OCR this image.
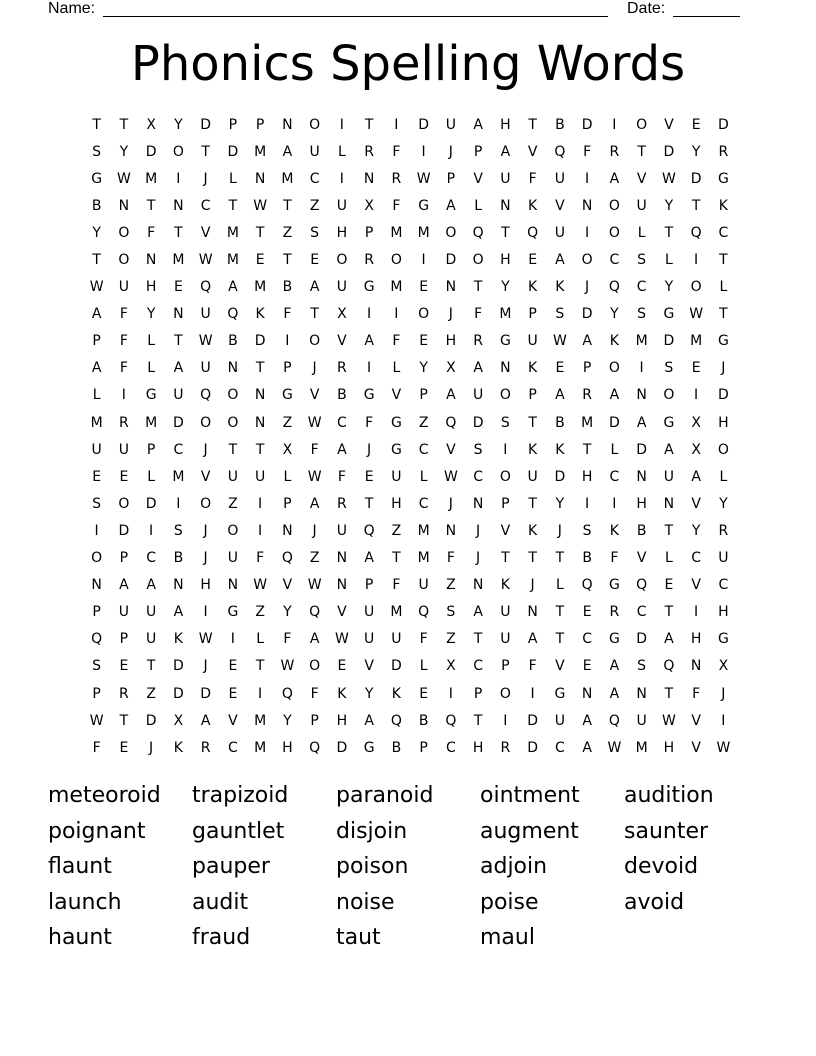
Name:	Date:
Phonics Spelling Words
T	T	X	Y	D	P	P	N	O	I	T	I	D	U	A	H	T	B	D	I	O	V	E	D
S	Y	D	O	T	D	M	A	U	L	R	F	I	J	P	A	V	Q	F	R	T	D	Y	R
G	W	M	I	J	L	N	M	C	I	N	R	W	P	V	U	F	U	I	A	V	W	D	G
B	N	T	N	C	T	W	T	Z	U	X	F	G	A	L	N	K	V	N	O	U	Y	T	K
Y	O	F	T	V	M	T	Z	S	H	P	M	M	O	Q	T	Q	U	I	O	L	T	Q	C
T	O	N	M	W	M	E	T	E	O	R	O	I	D	O	H	E	A	O	C	S	L	I	T
W	U	H	E	Q	A	M	B	A	U	G	M	E	N	T	Y	K	K	J	Q	C	Y	O	L
A	F	Y	N	U	Q	K	F	T	X	I	I	O	J	F	M	P	S	D	Y	S	G	W	T
P	F	L	T	W	B	D	I	O	V	A	F	E	H	R	G	U	W	A	K	M	D	M	G
A	F	L	A	U	N	T	P	J	R	I	L	Y	X	A	N	K	E	P	O	I	S	E	J
L	I	G	U	Q	O	N	G	V	B	G	V	P	A	U	O	P	A	R	A	N	O	I	D
M	R	M	D	O	O	N	Z	W	C	F	G	Z	Q	D	S	T	B	M	D	A	G	X	H
U	U	P	C	J	T	T	X	F	A	J	G	C	V	S	I	K	K	T	L	D	A	X	O
E	E	L	M	V	U	U	L	W	F	E	U	L	W	C	O	U	D	H	C	N	U	A	L
S	O	D	I	O	Z	I	P	A	R	T	H	C	J	N	P	T	Y	I	I	H	N	V	Y
I	D	I	S	J	O	I	N	J	U	Q	Z	M	N	J	V	K	J	S	K	B	T	Y	R
O	P	C	B	J	U	F	Q	Z	N	A	T	M	F	J	T	T	T	B	F	V	L	C	U
N	A	A	N	H	N	W	V	W	N	P	F	U	Z	N	K	J	L	Q	G	Q	E	V	C
P	U	U	A	I	G	Z	Y	Q	V	U	M	Q	S	A	U	N	T	E	R	C	T	I	H
Q	P	U	K	W	I	L	F	A	W	U	U	F	Z	T	U	A	T	C	G	D	A	H	G
S	E	T	D	J	E	T	W	O	E	V	D	L	X	C	P	F	V	E	A	S	Q	N	X
P	R	Z	D	D	E	I	Q	F	K	Y	K	E	I	P	O	I	G	N	A	N	T	F	J
W	T	D	X	A	V	M	Y	P	H	A	Q	B	Q	T	I	D	U	A	Q	U	W	V	I
F	E	J	K	R	C	M	H	Q	D	G	B	P	C	H	R	D	C	A	W	M	H	V	W
meteoroid	trapizoid	paranoid	ointment	audition
poignant	gauntlet	disjoin	augment	saunter
flaunt	pauper	poison	adjoin	devoid
launch	audit	noise	poise	avoid
haunt	fraud	taut	maul
